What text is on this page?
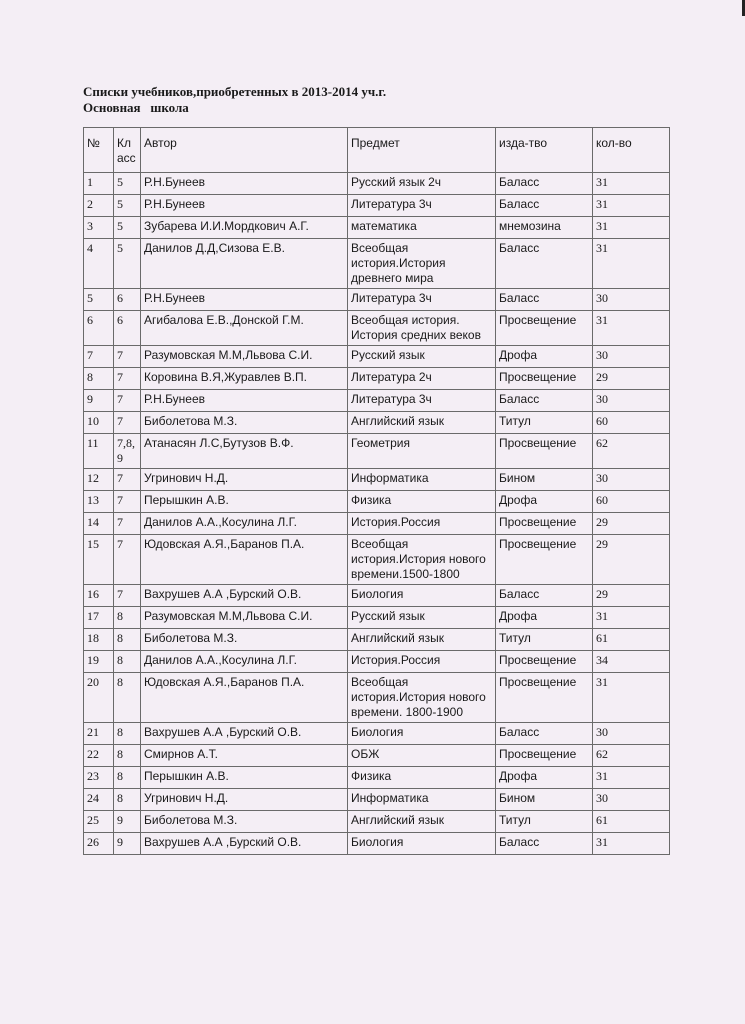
Списки учебников,приобретенных в 2013-2014 уч.г.
Основная   школа
№	Класс	Автор	Предмет	изда-тво	кол-во
1	5	Р.Н.Бунеев	Русский язык 2ч	Баласс	31
2	5	Р.Н.Бунеев	Литература 3ч	Баласс	31
3	5	Зубарева И.И.Мордкович А.Г.	математика	мнемозина	31
4	5	Данилов Д.Д,Сизова Е.В.	Всеобщая история.История древнего мира	Баласс	31
5	6	Р.Н.Бунеев	Литература 3ч	Баласс	30
6	6	Агибалова Е.В.,Донской Г.М.	Всеобщая история. История средних веков	Просвещение	31
7	7	Разумовская М.М,Львова С.И.	Русский язык	Дрофа	30
8	7	Коровина В.Я,Журавлев В.П.	Литература 2ч	Просвещение	29
9	7	Р.Н.Бунеев	Литература 3ч	Баласс	30
10	7	Биболетова М.З.	Английский язык	Титул	60
11	7,8,9	Атанасян Л.С,Бутузов В.Ф.	Геометрия	Просвещение	62
12	7	Угринович Н.Д.	Информатика	Бином	30
13	7	Перышкин А.В.	Физика	Дрофа	60
14	7	Данилов А.А.,Косулина Л.Г.	История.Россия	Просвещение	29
15	7	Юдовская А.Я.,Баранов П.А.	Всеобщая история.История нового времени.1500-1800	Просвещение	29
16	7	Вахрушев А.А ,Бурский О.В.	Биология	Баласс	29
17	8	Разумовская М.М,Львова С.И.	Русский язык	Дрофа	31
18	8	Биболетова М.З.	Английский язык	Титул	61
19	8	Данилов А.А.,Косулина Л.Г.	История.Россия	Просвещение	34
20	8	Юдовская А.Я.,Баранов П.А.	Всеобщая история.История нового времени. 1800-1900	Просвещение	31
21	8	Вахрушев А.А ,Бурский О.В.	Биология	Баласс	30
22	8	Смирнов А.Т.	ОБЖ	Просвещение	62
23	8	Перышкин А.В.	Физика	Дрофа	31
24	8	Угринович Н.Д.	Информатика	Бином	30
25	9	Биболетова М.З.	Английский язык	Титул	61
26	9	Вахрушев А.А ,Бурский О.В.	Биология	Баласс	31
